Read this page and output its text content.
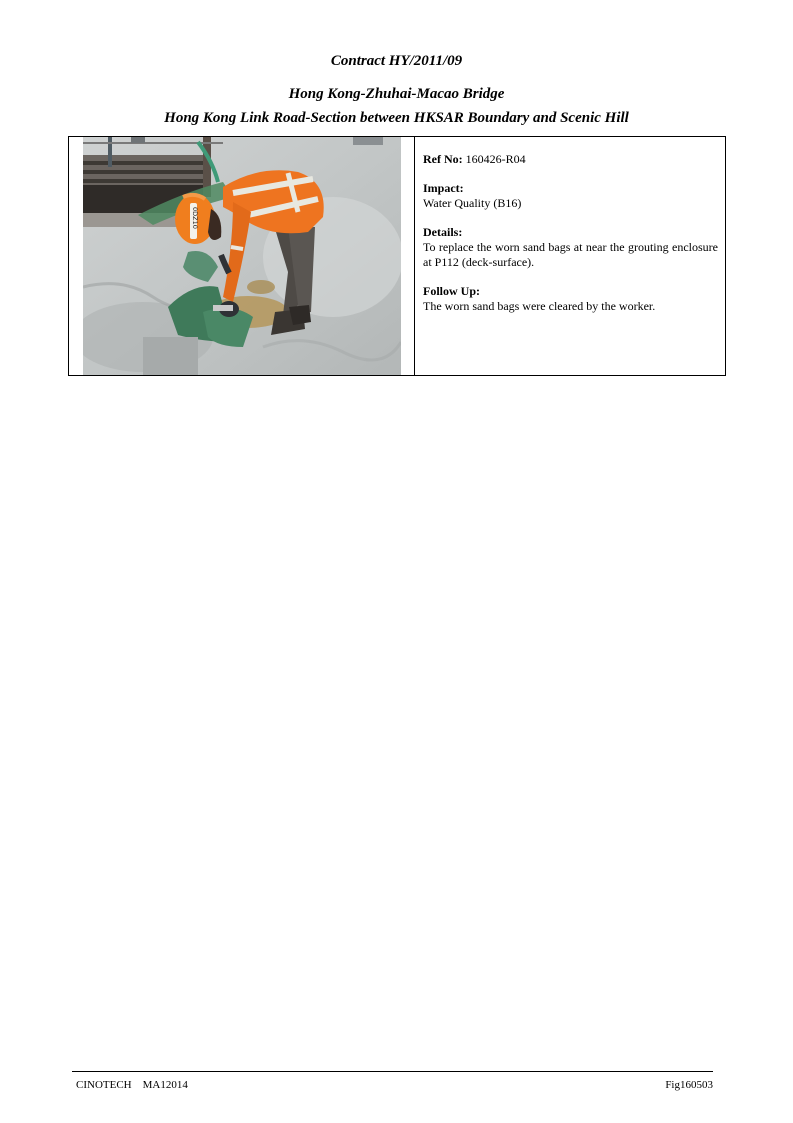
Contract HY/2011/09
Hong Kong-Zhuhai-Macao Bridge
Hong Kong Link Road-Section between HKSAR Boundary and Scenic Hill
0DZ10

Ref No: 160426-R04

Impact:
Water Quality (B16)

Details:
To replace the worn sand bags at near the grouting enclosure at P112 (deck-surface).

Follow Up:
The worn sand bags were cleared by the worker.

CINOTECH MA12014	Fig160503
